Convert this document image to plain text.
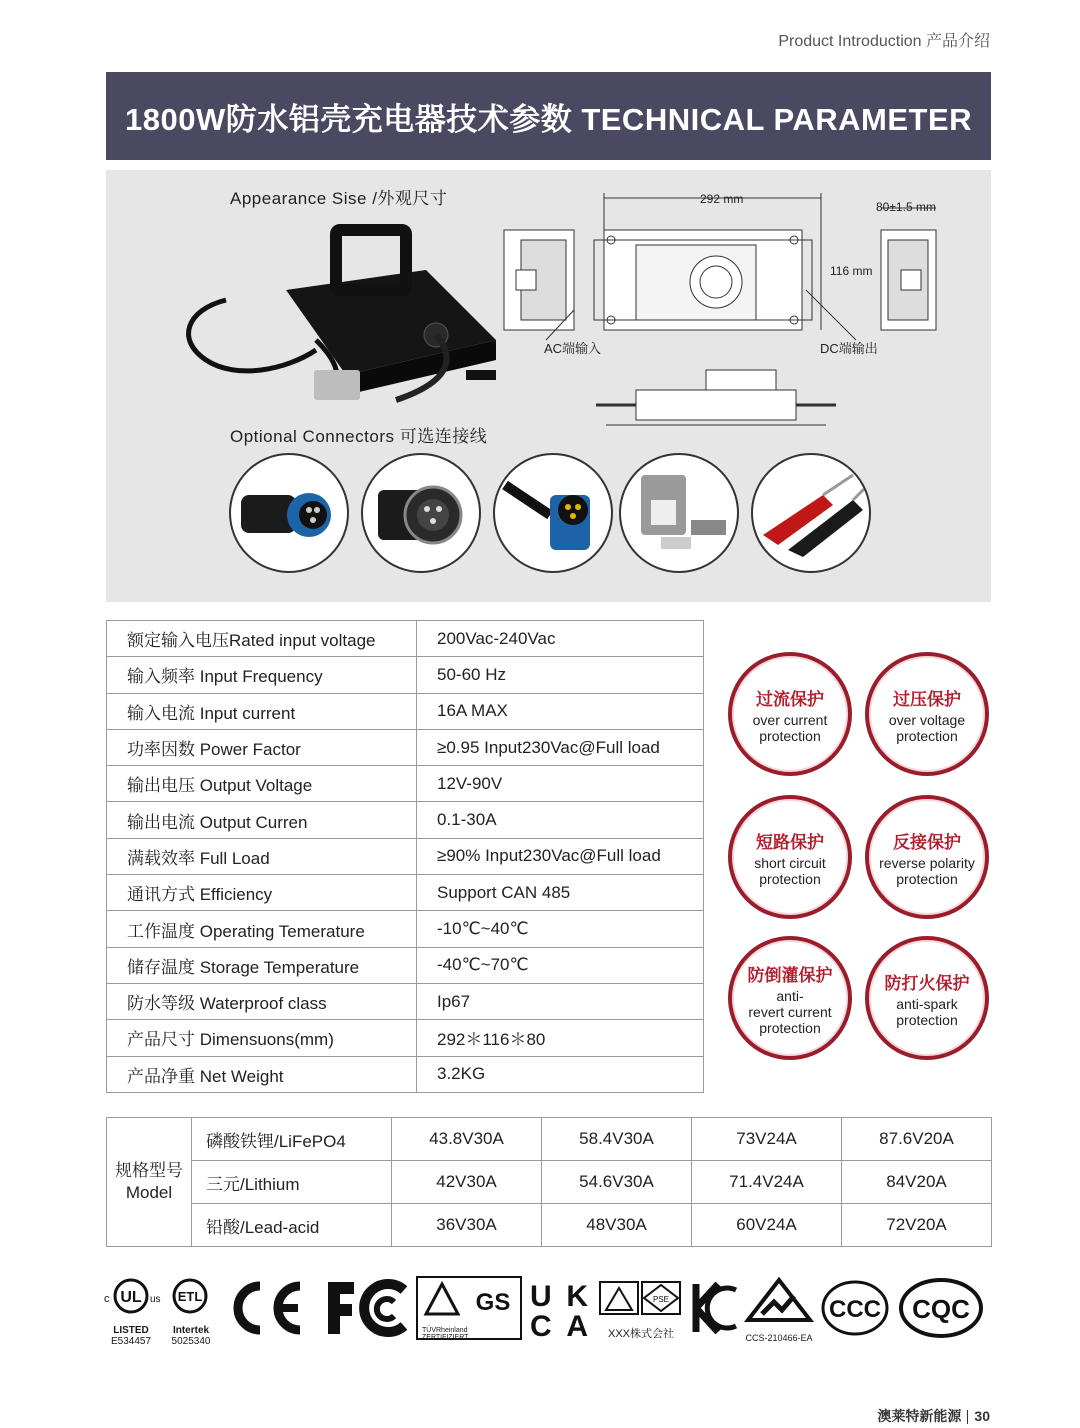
Product Introduction 产品介绍
1800W防水铝壳充电器技术参数 TECHNICAL PARAMETER
Appearance Sise /外观尺寸	292 mm
80±1.5 mm
116 mm
AC端输入	DC端输出
Optional Connectors 可选连接线
额定输入电压Rated input voltage	200Vac-240Vac
输入频率 Input Frequency	50-60 Hz
输入电流 Input current	16A MAX
功率因数 Power Factor	≥0.95 Input230Vac@Full load
输出电压 Output Voltage	12V-90V
输出电流 Output Curren	0.1-30A
满载效率 Full Load	≥90% Input230Vac@Full load
通讯方式 Efficiency	Support CAN 485
工作温度 Operating Temerature	-10℃~40℃
储存温度 Storage Temperature	-40℃~70℃
防水等级 Waterproof class	Ip67
产品尺寸 Dimensuons(mm)	292＊116＊80
产品净重 Net Weight	3.2KG
过流保护
over current
protection
过压保护
over voltage
protection
短路保护
short circuit
protection
反接保护
reverse polarity
protection
防倒灌保护
anti-
revert current
protection
防打火保护
anti-spark
protection
规格型号
Model	磷酸铁锂/LiFePO4	43.8V30A	58.4V30A	73V24A	87.6V20A
	三元/Lithium	42V30A	54.6V30A	71.4V24A	84V20A
	铅酸/Lead-acid	36V30A	48V30A	60V24A	72V20A
UL
c	us
LISTED
E534457
ETL
Intertek
5025340
GS
TÜVRheinland
ZERTIFIZIERT
UK
CA
PSE
XXX株式会社	CCS-210466-EA
CCC CQC
澳莱特新能源 30
